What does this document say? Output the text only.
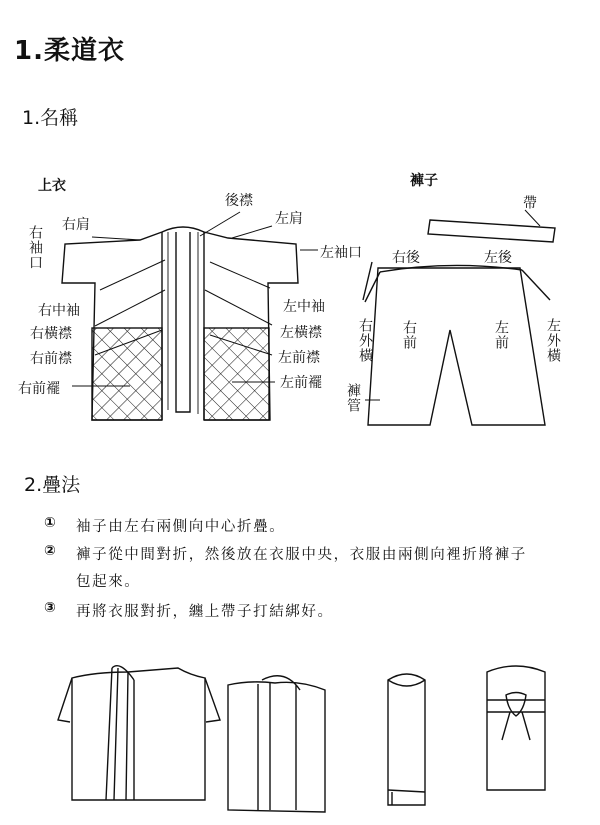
1.柔道衣
1.名稱
上衣
後襟
右肩	左肩
右袖口	左袖口
右中袖	左中袖
右橫襟	左橫襟
右前襟	左前襟
右前襬	左前襬
褲子
帶
右後	左後
右外橫 右前	左前	左外橫
褲管
2.疊法
① 袖子由左右兩側向中心折疊。
② 褲子從中間對折，然後放在衣服中央，衣服由兩側向裡折將褲子
包起來。
③ 再將衣服對折，纏上帶子打結綁好。
